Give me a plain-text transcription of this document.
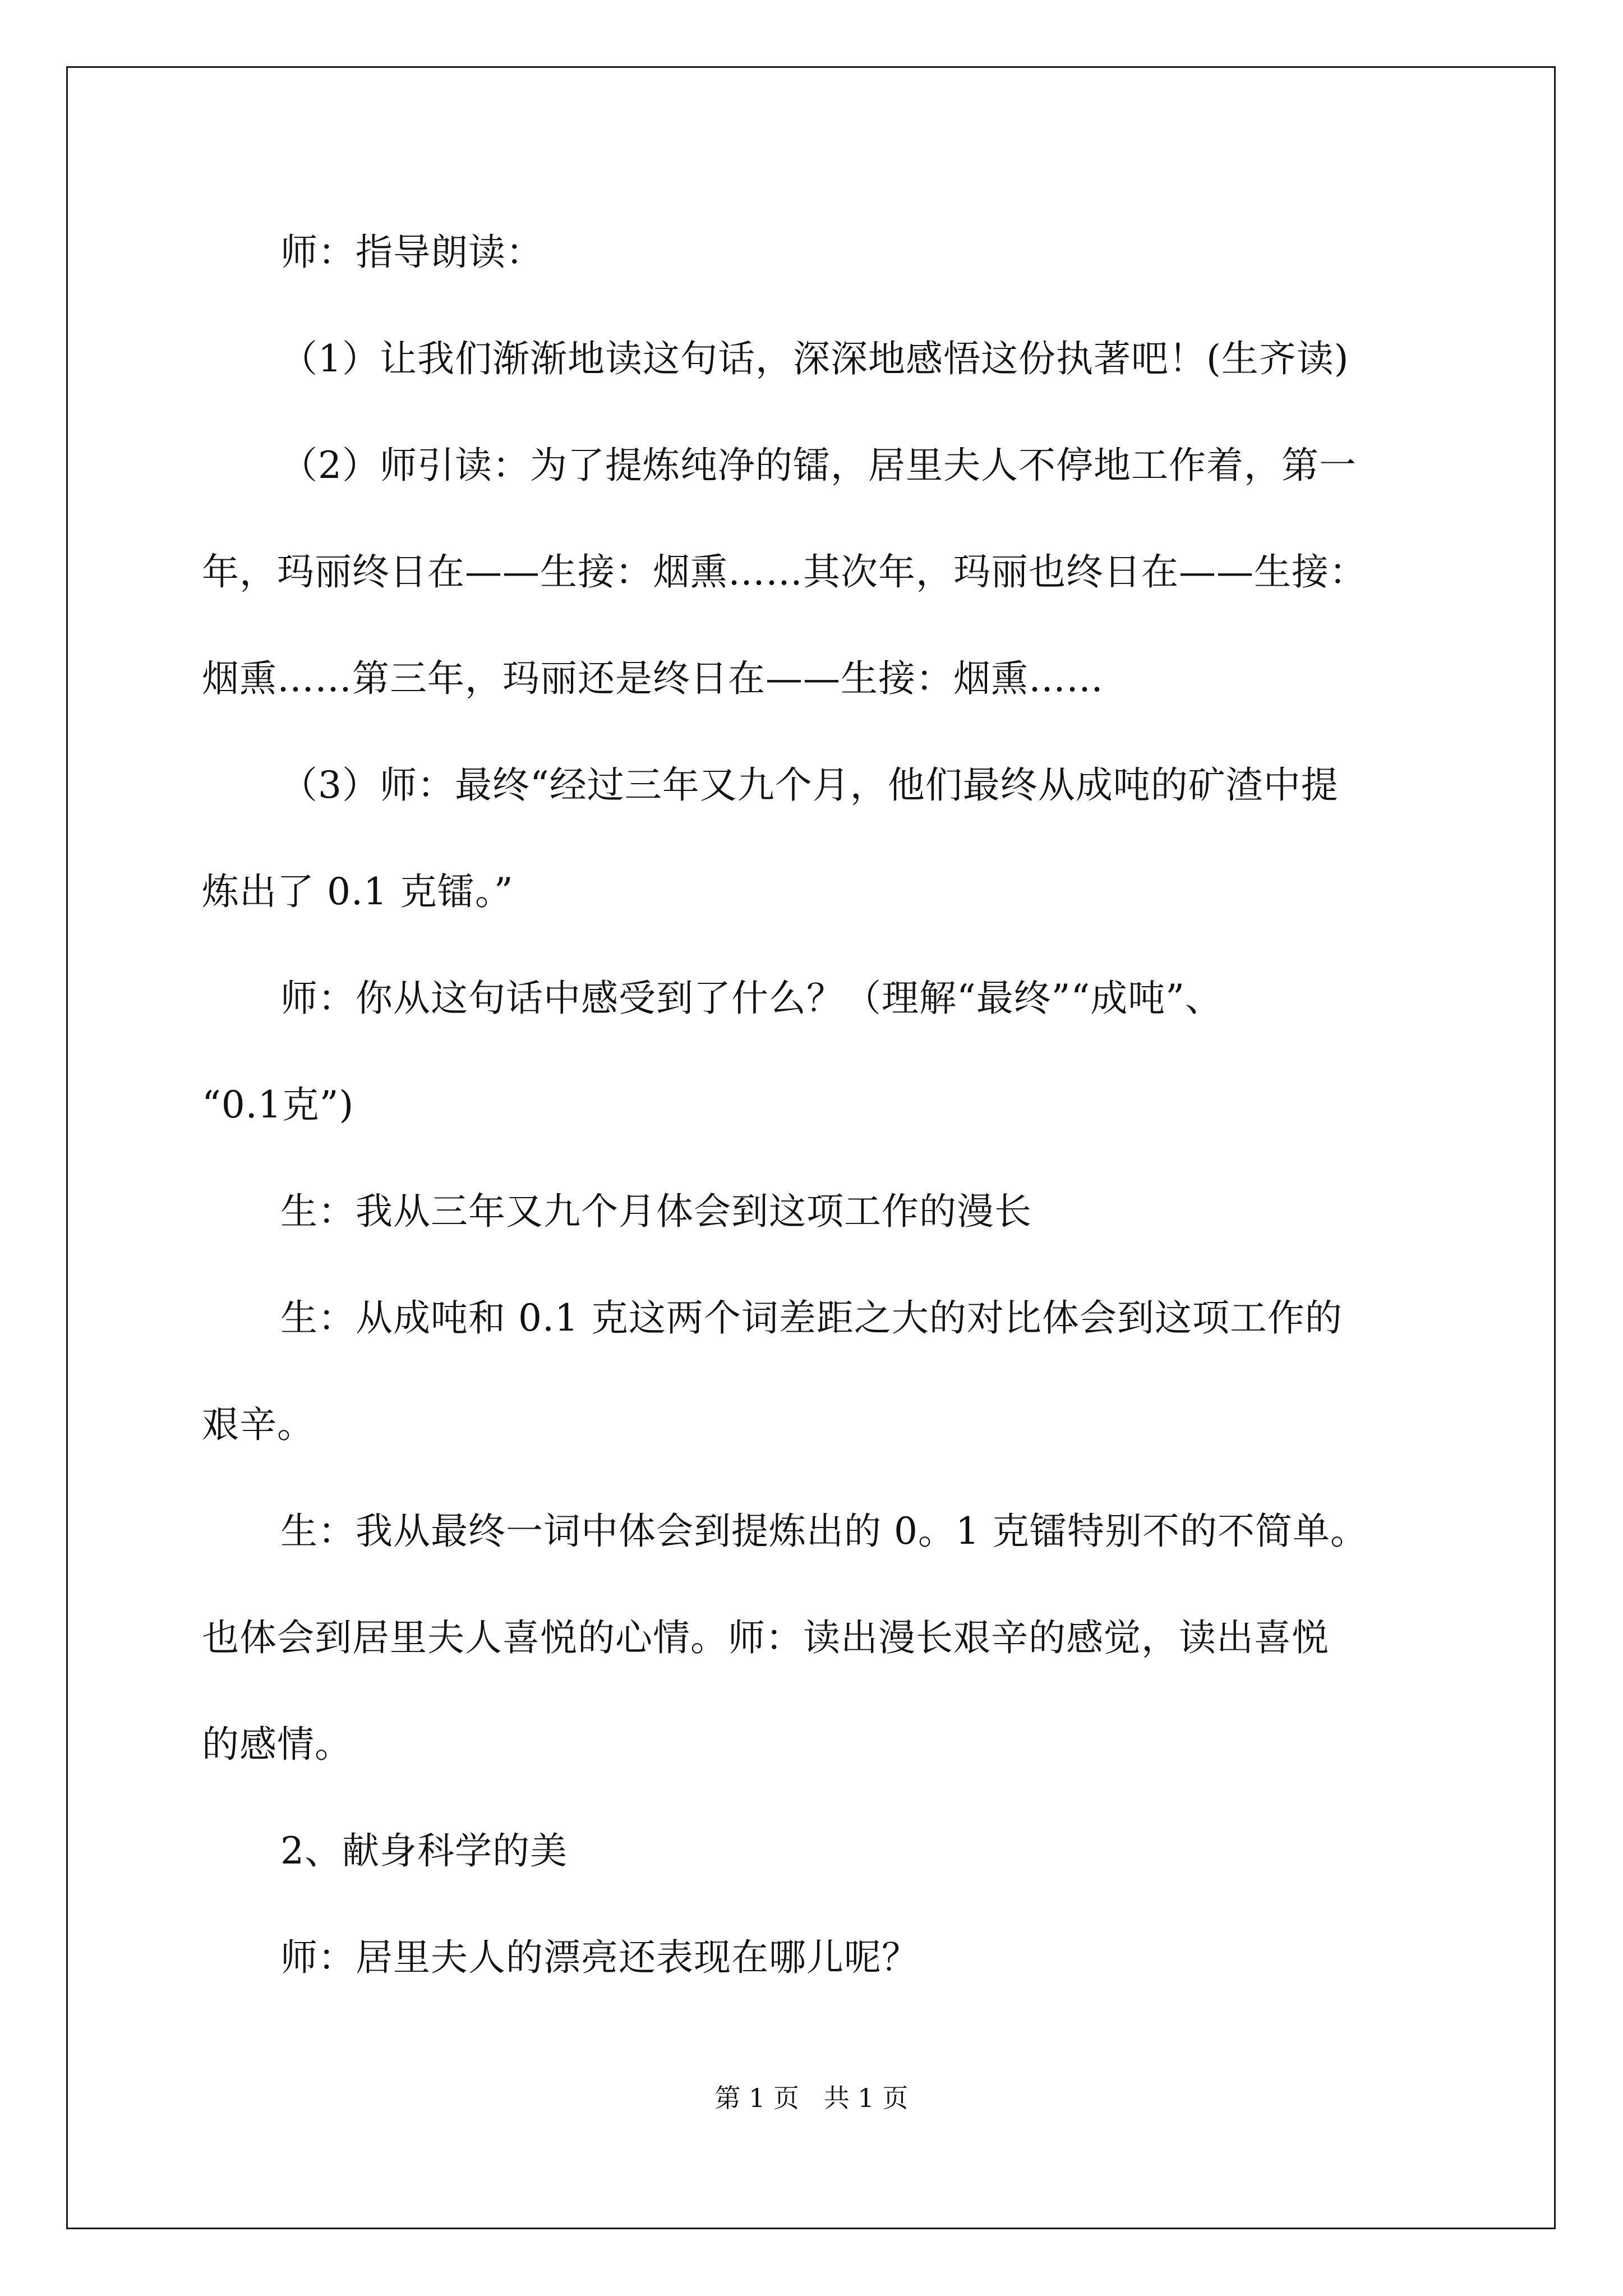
师：指导朗读：
（1）让我们渐渐地读这句话，深深地感悟这份执著吧！(生齐读)
（2）师引读：为了提炼纯净的镭，居里夫人不停地工作着，第一
年，玛丽终日在——生接：烟熏……其次年，玛丽也终日在——生接：
烟熏……第三年，玛丽还是终日在——生接：烟熏……
（3）师：最终“经过三年又九个月，他们最终从成吨的矿渣中提
炼出了 0.1 克镭。”
师：你从这句话中感受到了什么？（理解“最终”“成吨”、
“0.1克”)
生：我从三年又九个月体会到这项工作的漫长
生：从成吨和 0.1 克这两个词差距之大的对比体会到这项工作的
艰辛。
生：我从最终一词中体会到提炼出的 0。1 克镭特别不的不简单。
也体会到居里夫人喜悦的心情。师：读出漫长艰辛的感觉，读出喜悦
的感情。
2、献身科学的美
师：居里夫人的漂亮还表现在哪儿呢？
第 1 页   共 1 页
